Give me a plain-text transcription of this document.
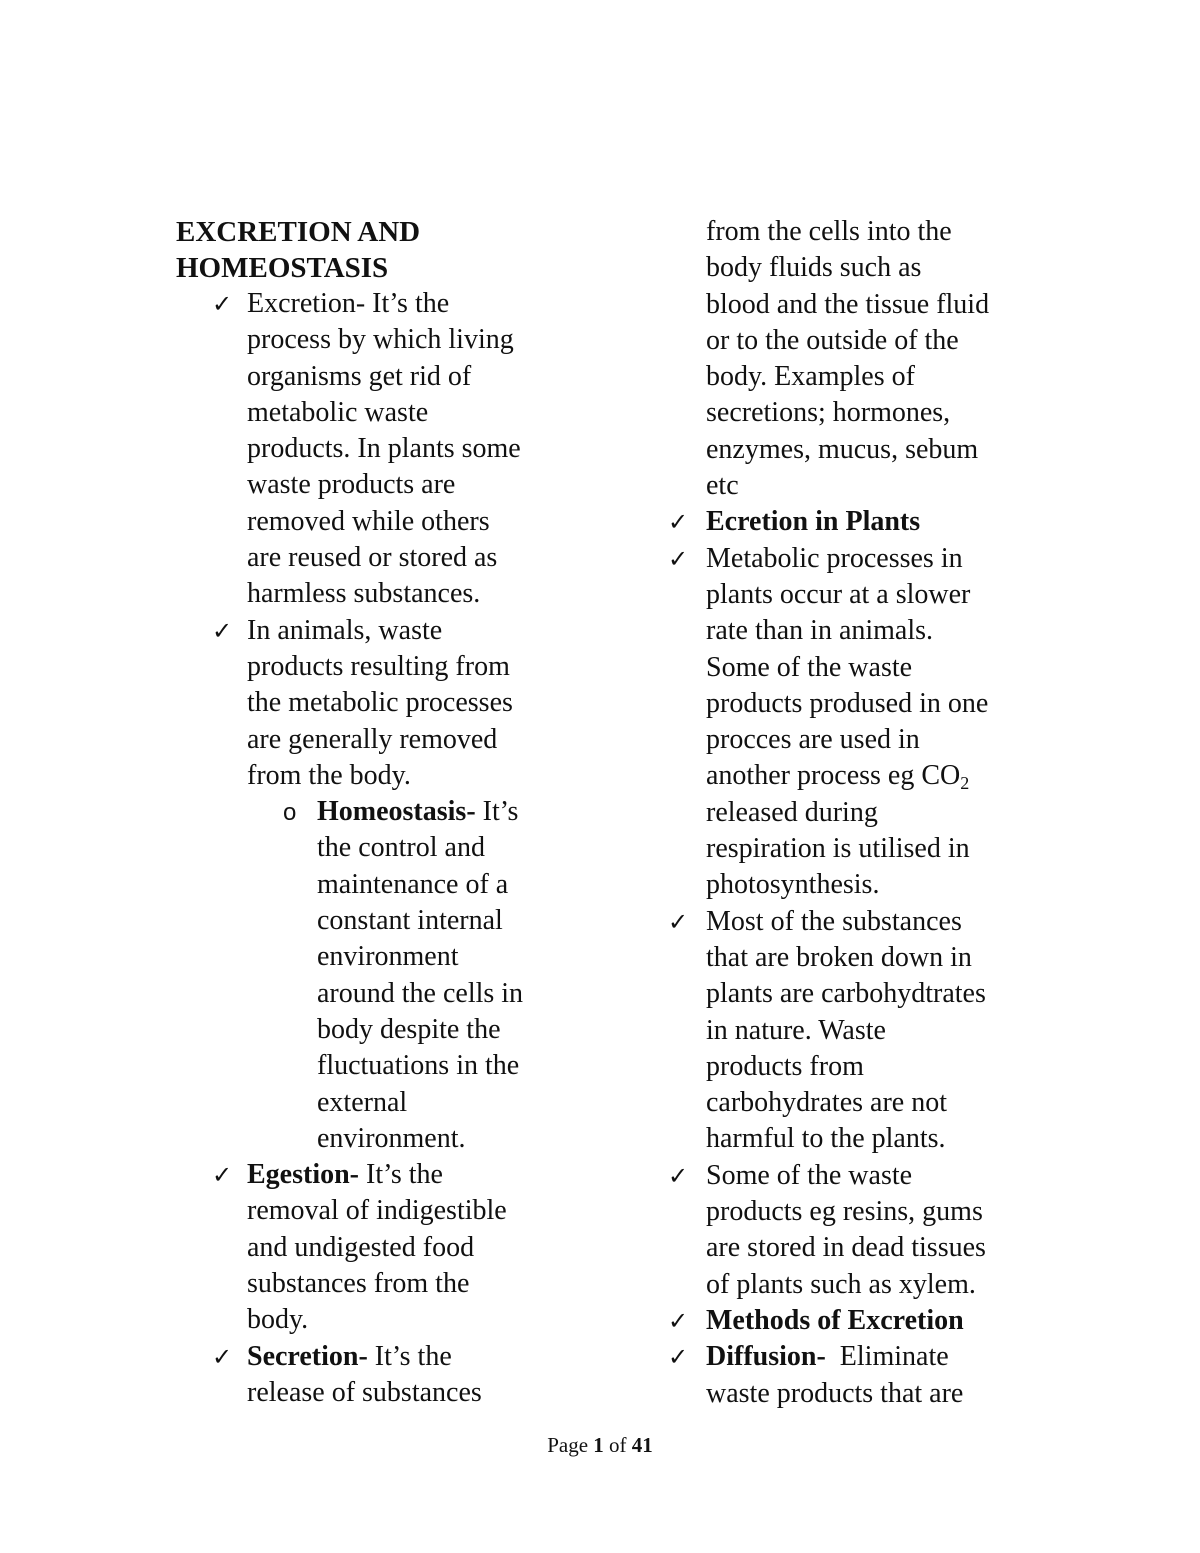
EXCRETION AND
HOMEOSTASIS
✓ Excretion- It’s the
process by which living
organisms get rid of
metabolic waste
products. In plants some
waste products are
removed while others
are reused or stored as
harmless substances.
✓ In animals, waste
products resulting from
the metabolic processes
are generally removed
from the body.
o Homeostasis- It’s
the control and
maintenance of a
constant internal
environment
around the cells in
body despite the
fluctuations in the
external
environment.
✓ Egestion- It’s the
removal of indigestible
and undigested food
substances from the
body.
✓ Secretion- It’s the
release of substances
from the cells into the
body fluids such as
blood and the tissue fluid
or to the outside of the
body. Examples of
secretions; hormones,
enzymes, mucus, sebum
etc
✓ Ecretion in Plants
✓ Metabolic processes in
plants occur at a slower
rate than in animals.
Some of the waste
products prodused in one
procces are used in
another process eg $CO_2$
released during
respiration is utilised in
photosynthesis.
✓ Most of the substances
that are broken down in
plants are carbohydtrates
in nature. Waste
products from
carbohydrates are not
harmful to the plants.
✓ Some of the waste
products eg resins, gums
are stored in dead tissues
of plants such as xylem.
✓ Methods of Excretion
✓ Diffusion-  Eliminate
waste products that are
Page 1 of 41
